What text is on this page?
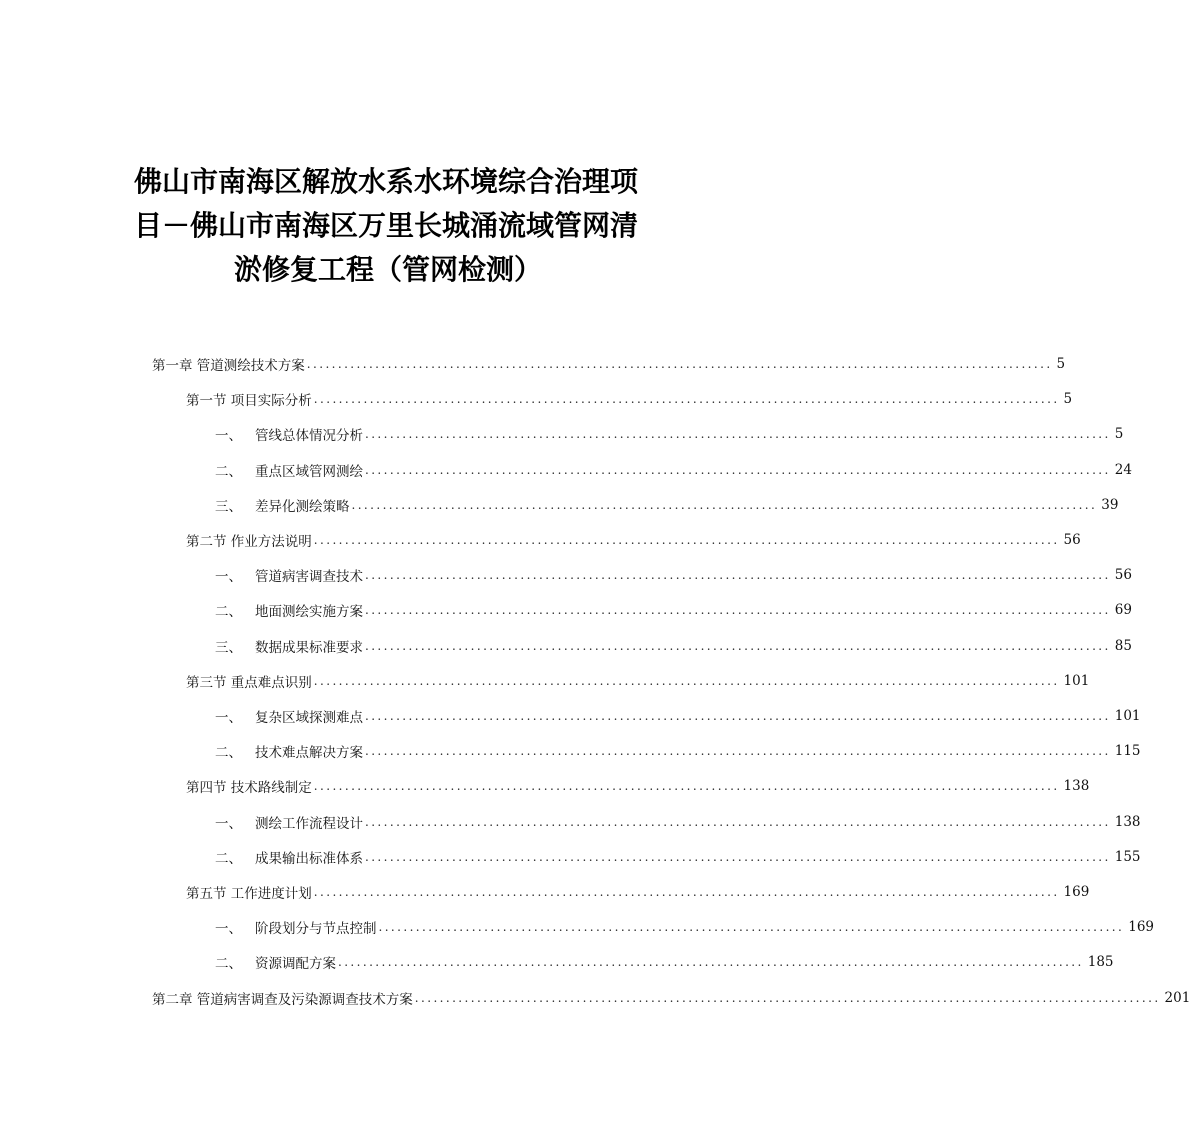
佛山市南海区解放水系水环境综合治理项
目－佛山市南海区万里长城涌流域管网清
淤修复工程（管网检测）
第一章 管道测绘技术方案 ........................................................................................................................ 5
第一节 项目实际分析 ........................................................................................................................ 5
一、 管线总体情况分析 ........................................................................................................................ 5
二、 重点区域管网测绘 ........................................................................................................................ 24
三、 差异化测绘策略 ........................................................................................................................ 39
第二节 作业方法说明 ........................................................................................................................ 56
一、 管道病害调查技术 ........................................................................................................................ 56
二、 地面测绘实施方案 ........................................................................................................................ 69
三、 数据成果标准要求 ........................................................................................................................ 85
第三节 重点难点识别 ........................................................................................................................ 101
一、 复杂区域探测难点 ........................................................................................................................ 101
二、 技术难点解决方案 ........................................................................................................................ 115
第四节 技术路线制定 ........................................................................................................................ 138
一、 测绘工作流程设计 ........................................................................................................................ 138
二、 成果输出标准体系 ........................................................................................................................ 155
第五节 工作进度计划 ........................................................................................................................ 169
一、 阶段划分与节点控制 ........................................................................................................................ 169
二、 资源调配方案 ........................................................................................................................ 185
第二章 管道病害调查及污染源调查技术方案 ........................................................................................................................ 201
